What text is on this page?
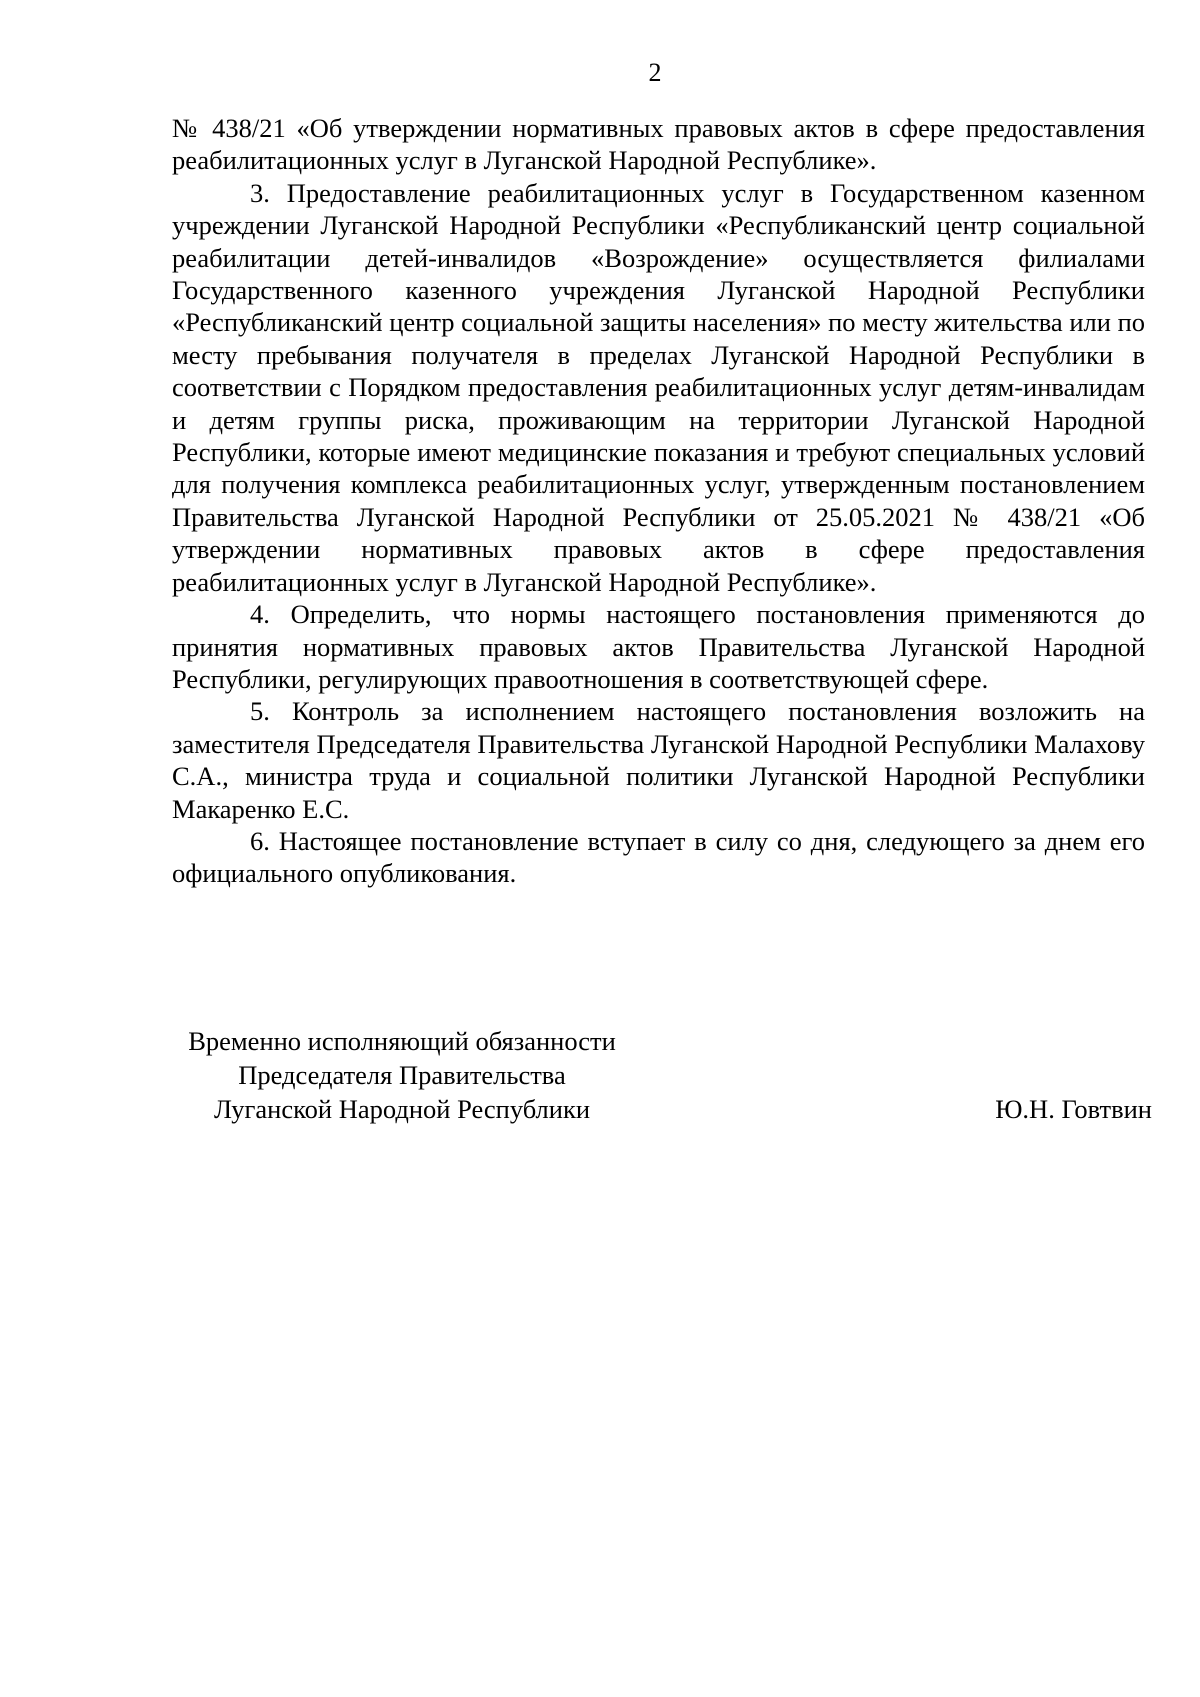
2

№ 438/21 «Об утверждении нормативных правовых актов в сфере предоставления реабилитационных услуг в Луганской Народной Республике».

3. Предоставление реабилитационных услуг в Государственном казенном учреждении Луганской Народной Республики «Республиканский центр социальной реабилитации детей-инвалидов «Возрождение» осуществляется филиалами Государственного казенного учреждения Луганской Народной Республики «Республиканский центр социальной защиты населения» по месту жительства или по месту пребывания получателя в пределах Луганской Народной Республики в соответствии с Порядком предоставления реабилитационных услуг детям-инвалидам и детям группы риска, проживающим на территории Луганской Народной Республики, которые имеют медицинские показания и требуют специальных условий для получения комплекса реабилитационных услуг, утвержденным постановлением Правительства Луганской Народной Республики от 25.05.2021 № 438/21 «Об утверждении нормативных правовых актов в сфере предоставления реабилитационных услуг в Луганской Народной Республике».

4. Определить, что нормы настоящего постановления применяются до принятия нормативных правовых актов Правительства Луганской Народной Республики, регулирующих правоотношения в соответствующей сфере.

5. Контроль за исполнением настоящего постановления возложить на заместителя Председателя Правительства Луганской Народной Республики Малахову С.А., министра труда и социальной политики Луганской Народной Республики Макаренко Е.С.

6. Настоящее постановление вступает в силу со дня, следующего за днем его официального опубликования.

Временно исполняющий обязанности
Председателя Правительства
Луганской Народной Республики	Ю.Н. Говтвин
